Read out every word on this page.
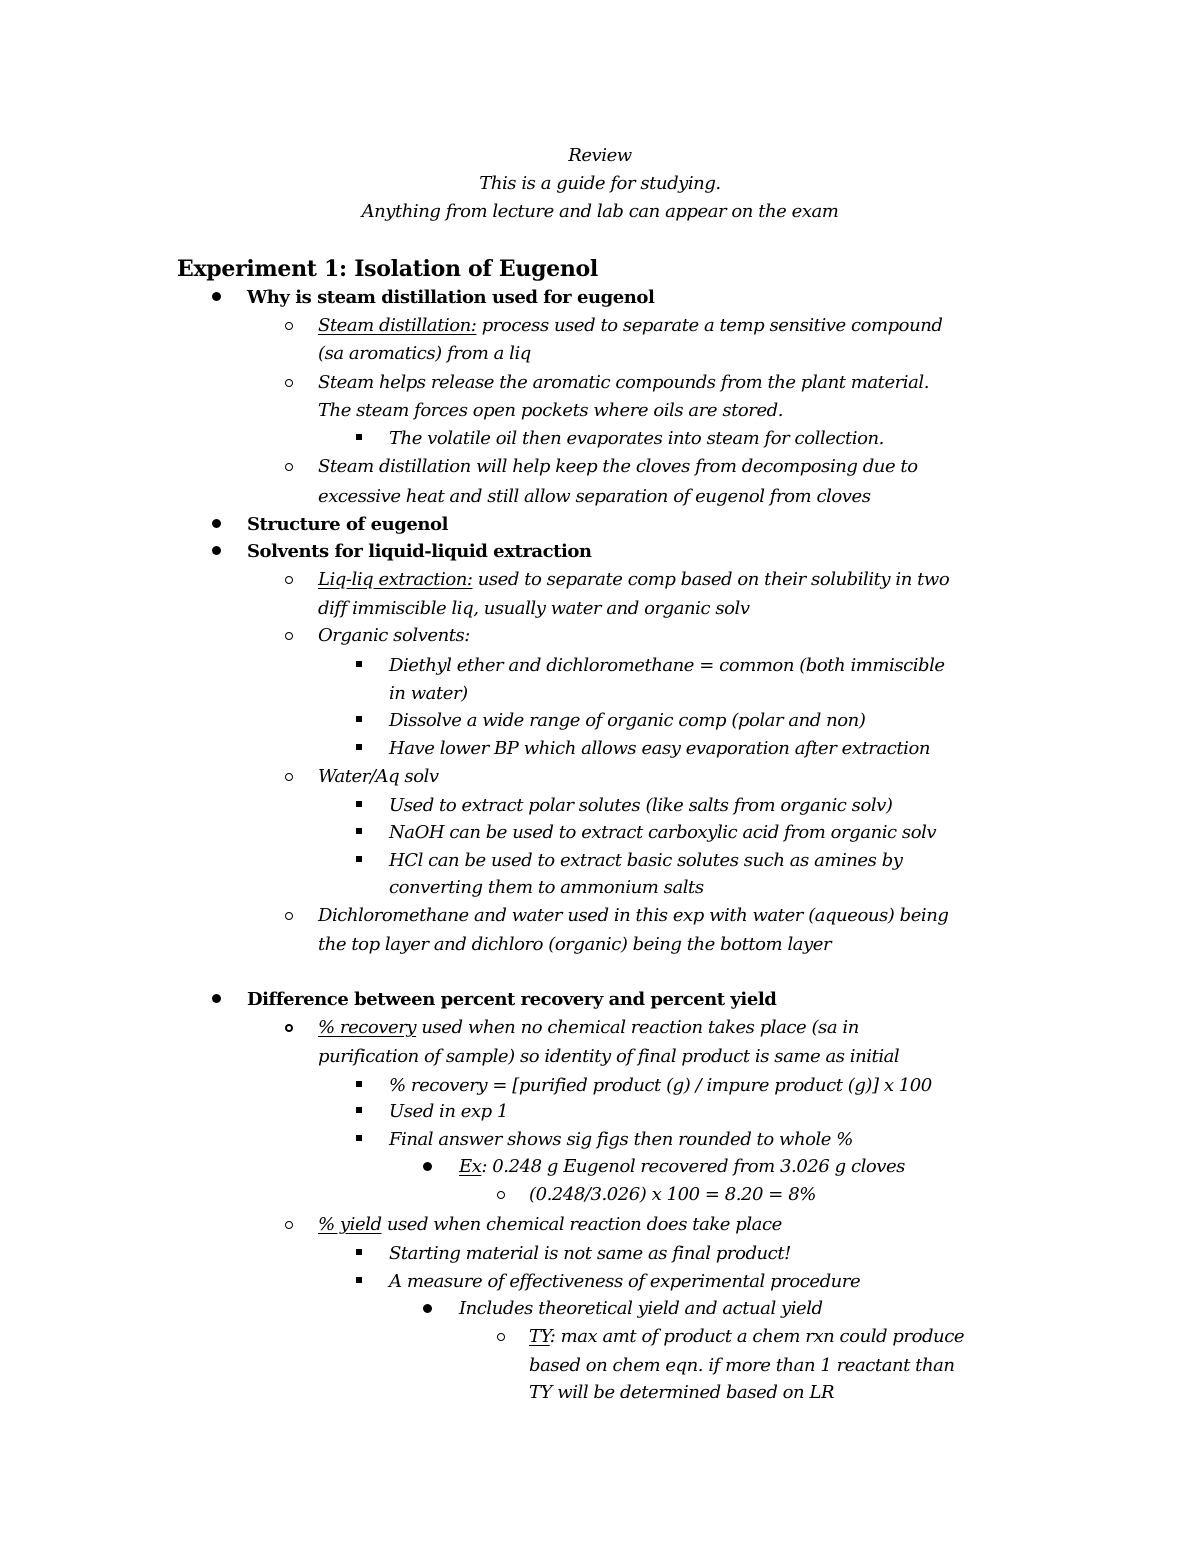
Review
This is a guide for studying.
Anything from lecture and lab can appear on the exam
Experiment 1: Isolation of Eugenol
Why is steam distillation used for eugenol
Steam distillation: process used to separate a temp sensitive compound
(sa aromatics) from a liq
Steam helps release the aromatic compounds from the plant material.
The steam forces open pockets where oils are stored.
The volatile oil then evaporates into steam for collection.
Steam distillation will help keep the cloves from decomposing due to
excessive heat and still allow separation of eugenol from cloves
Structure of eugenol
Solvents for liquid-liquid extraction
Liq-liq extraction: used to separate comp based on their solubility in two
diff immiscible liq, usually water and organic solv
Organic solvents:
Diethyl ether and dichloromethane = common (both immiscible
in water)
Dissolve a wide range of organic comp (polar and non)
Have lower BP which allows easy evaporation after extraction
Water/Aq solv
Used to extract polar solutes (like salts from organic solv)
NaOH can be used to extract carboxylic acid from organic solv
HCl can be used to extract basic solutes such as amines by
converting them to ammonium salts
Dichloromethane and water used in this exp with water (aqueous) being
the top layer and dichloro (organic) being the bottom layer
Difference between percent recovery and percent yield
% recovery used when no chemical reaction takes place (sa in
purification of sample) so identity of final product is same as initial
% recovery = [purified product (g) / impure product (g)] x 100
Used in exp 1
Final answer shows sig figs then rounded to whole %
Ex: 0.248 g Eugenol recovered from 3.026 g cloves
(0.248/3.026) x 100 = 8.20 = 8%
% yield used when chemical reaction does take place
Starting material is not same as final product!
A measure of effectiveness of experimental procedure
Includes theoretical yield and actual yield
TY: max amt of product a chem rxn could produce
based on chem eqn. if more than 1 reactant than
TY will be determined based on LR
